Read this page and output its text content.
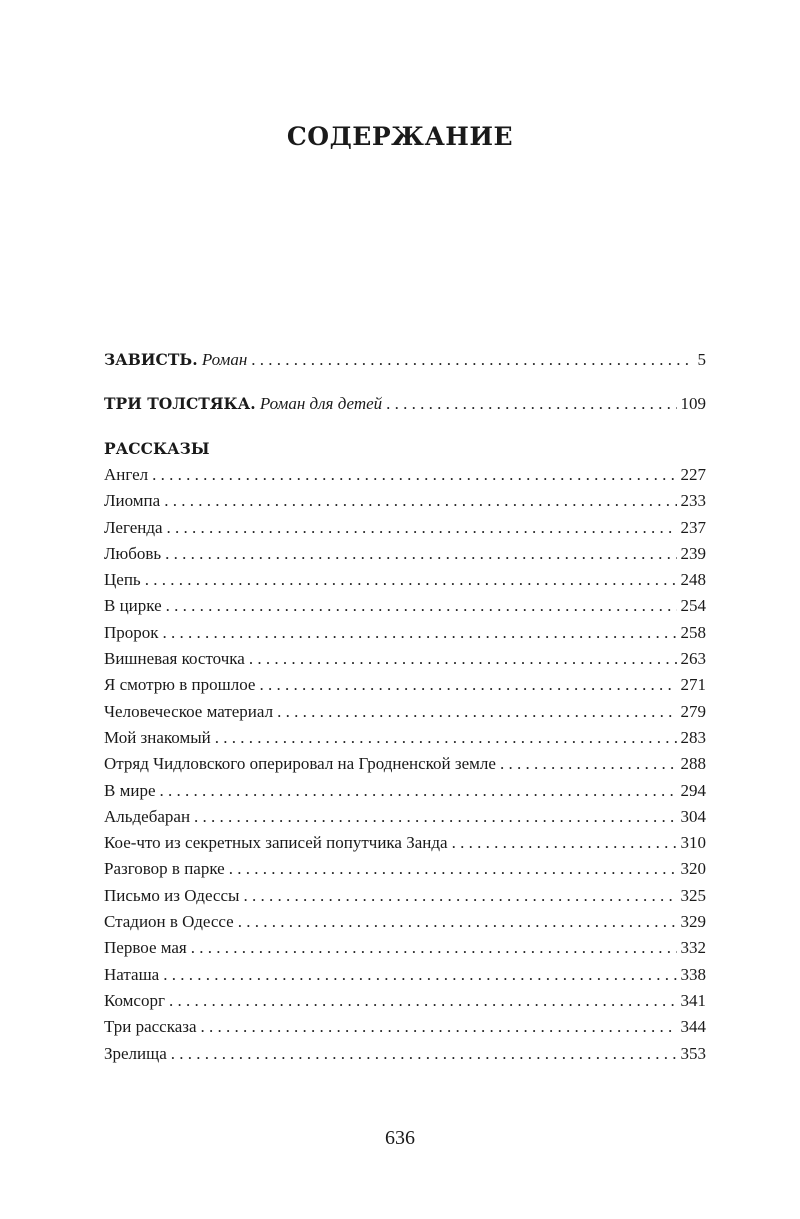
СОДЕРЖАНИЕ
ЗАВИСТЬ. Роман . . .	5
ТРИ ТОЛСТЯКА. Роман для детей . . .	109
РАССКАЗЫ
Ангел . . .	227
Лиомпа . . .	233
Легенда . . .	237
Любовь . . .	239
Цепь . . .	248
В цирке . . .	254
Пророк . . .	258
Вишневая косточка . . .	263
Я смотрю в прошлое . . .	271
Человеческое материал . . .	279
Мой знакомый . . .	283
Отряд Чидловского оперировал на Гродненской земле . . .	288
В мире . . .	294
Альдебаран . . .	304
Кое-что из секретных записей попутчика Занда . . .	310
Разговор в парке . . .	320
Письмо из Одессы . . .	325
Стадион в Одессе . . .	329
Первое мая . . .	332
Наташа . . .	338
Комсорг . . .	341
Три рассказа . . .	344
Зрелища . . .	353
636
